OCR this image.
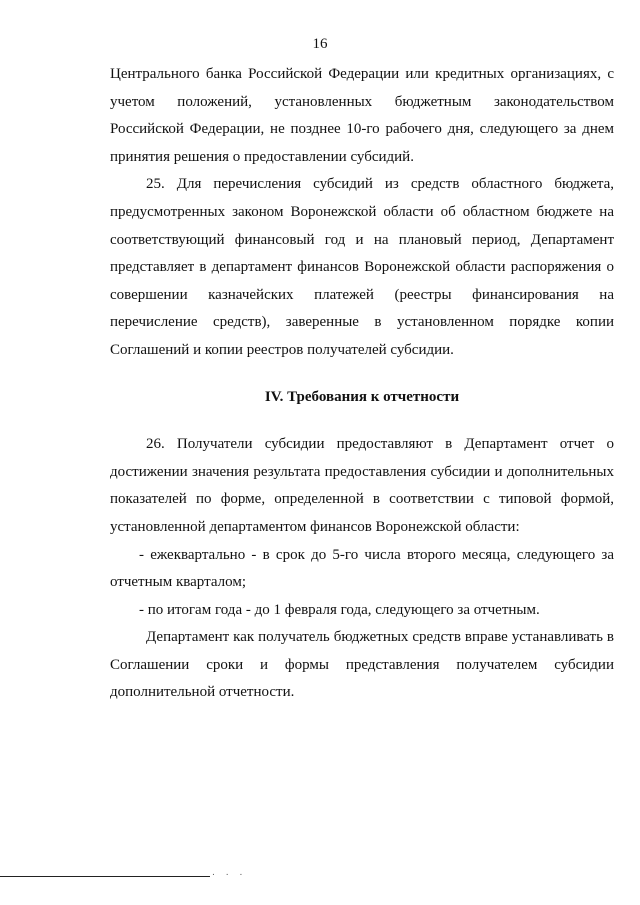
16

Центрального банка Российской Федерации или кредитных организациях, с учетом положений, установленных бюджетным законодательством Российской Федерации, не позднее 10-го рабочего дня, следующего за днем принятия решения о предоставлении субсидий.

25. Для перечисления субсидий из средств областного бюджета, предусмотренных законом Воронежской области об областном бюджете на соответствующий финансовый год и на плановый период, Департамент представляет в департамент финансов Воронежской области распоряжения о совершении казначейских платежей (реестры финансирования на перечисление средств), заверенные в установленном порядке копии Соглашений и копии реестров получателей субсидии.

IV. Требования к отчетности

26. Получатели субсидии предоставляют в Департамент отчет о достижении значения результата предоставления субсидии и дополнительных показателей по форме, определенной в соответствии с типовой формой, установленной департаментом финансов Воронежской области:

- ежеквартально - в срок до 5-го числа второго месяца, следующего за отчетным кварталом;

- по итогам года - до 1 февраля года, следующего за отчетным.

Департамент как получатель бюджетных средств вправе устанавливать в Соглашении сроки и формы представления получателем субсидии дополнительной отчетности.

. . .
